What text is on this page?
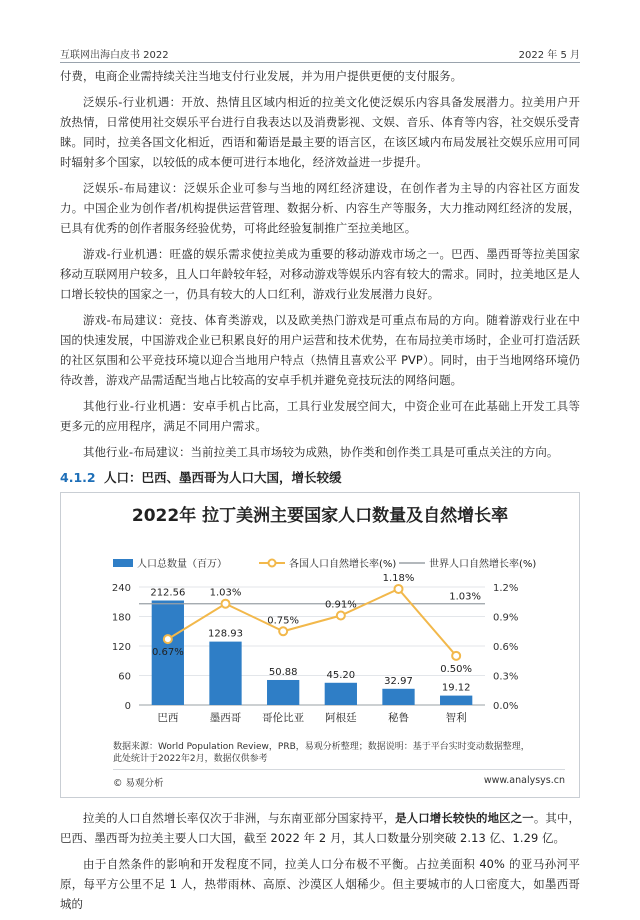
互联网出海白皮书 2022	2022 年 5 月

付费，电商企业需持续关注当地支付行业发展，并为用户提供更便的支付服务。

泛娱乐-行业机遇：开放、热情且区域内相近的拉美文化使泛娱乐内容具备发展潜力。拉美用户开放热情，日常使用社交娱乐平台进行自我表达以及消费影视、文娱、音乐、体育等内容，社交娱乐受青睐。同时，拉美各国文化相近，西语和葡语是最主要的语言区，在该区域内布局发展社交娱乐应用可同时辐射多个国家，以较低的成本便可进行本地化，经济效益进一步提升。

泛娱乐-布局建议：泛娱乐企业可参与当地的网红经济建设，在创作者为主导的内容社区方面发力。中国企业为创作者/机构提供运营管理、数据分析、内容生产等服务，大力推动网红经济的发展，已具有优秀的创作者服务经验优势，可将此经验复制推广至拉美地区。

游戏-行业机遇：旺盛的娱乐需求使拉美成为重要的移动游戏市场之一。巴西、墨西哥等拉美国家移动互联网用户较多，且人口年龄较年轻，对移动游戏等娱乐内容有较大的需求。同时，拉美地区是人口增长较快的国家之一，仍具有较大的人口红利，游戏行业发展潜力良好。

游戏-布局建议：竞技、体育类游戏，以及欧美热门游戏是可重点布局的方向。随着游戏行业在中国的快速发展，中国游戏企业已积累良好的用户运营和技术优势，在布局拉美市场时，企业可打造活跃的社区氛围和公平竞技环境以迎合当地用户特点（热情且喜欢公平 PVP）。同时，由于当地网络环境仍待改善，游戏产品需适配当地占比较高的安卓手机并避免竞技玩法的网络问题。

其他行业-行业机遇：安卓手机占比高，工具行业发展空间大，中资企业可在此基础上开发工具等更多元的应用程序，满足不同用户需求。

其他行业-布局建议：当前拉美工具市场较为成熟，协作类和创作类工具是可重点关注的方向。

4.1.2 人口：巴西、墨西哥为人口大国，增长较缓
2022年 拉丁美洲主要国家人口数量及自然增长率
人口总数量（百万）	各国人口自然增长率(%)	世界人口自然增长率(%)
0
60
120
180
240
0.0%
0.3%
0.6%
0.9%
1.2%
212.56
巴西
128.93
墨西哥
50.88
哥伦比亚
45.20
阿根廷
32.97
秘鲁
19.12
智利
1.03%
0.67%
1.03%
0.75%
0.91%
1.18%
0.50%
数据来源：World Population Review，PRB，易观分析整理；数据说明：基于平台实时变动数据整理，
此处统计于2022年2月，数据仅供参考
© 易观分析	www.analysys.cn

拉美的人口自然增长率仅次于非洲，与东南亚部分国家持平，是人口增长较快的地区之一。其中，巴西、墨西哥为拉美主要人口大国，截至 2022 年 2 月，其人口数量分别突破 2.13 亿、1.29 亿。

由于自然条件的影响和开发程度不同，拉美人口分布极不平衡。占拉美面积 40% 的亚马孙河平原，每平方公里不足 1 人，热带雨林、高原、沙漠区人烟稀少。但主要城市的人口密度大，如墨西哥城的
